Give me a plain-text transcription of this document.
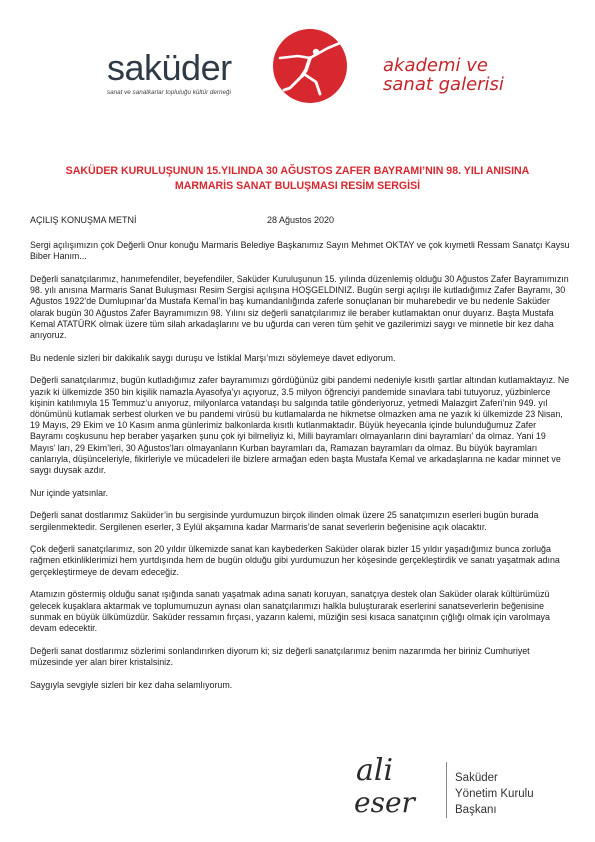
saküder
sanat ve sanatkarlar topluluğu kültür derneği
akademi ve
sanat galerisi
SAKÜDER KURULUŞUNUN 15.YILINDA 30 AĞUSTOS ZAFER BAYRAMI’NIN 98. YILI ANISINA
MARMARİS SANAT BULUŞMASI RESİM SERGİSİ
AÇILIŞ KONUŞMA METNİ	28 Ağustos 2020

Sergi açılışımızın çok Değerli Onur konuğu Marmaris Belediye Başkanımız Sayın Mehmet OKTAY ve çok kıymetli Ressam Sanatçı Kaysu Biber Hanım...

Değerli sanatçılarımız, hanımefendiler, beyefendiler, Saküder Kuruluşunun 15. yılında düzenlemiş olduğu 30 Ağustos Zafer Bayramımızın 98. yılı anısına Marmaris Sanat Buluşması Resim Sergisi açılışına HOŞGELDINIZ. Bugün sergi açılışı ile kutladığımız Zafer Bayramı, 30 Ağustos 1922’de Dumlupınar’da Mustafa Kemal’in baş kumandanlığında zaferle sonuçlanan bir muharebedir ve bu nedenle Saküder olarak bugün 30 Ağustos Zafer Bayramımızın 98. Yılını siz değerli sanatçılarımız ile beraber kutlamaktan onur duyarız. Başta Mustafa Kemal ATATÜRK olmak üzere tüm silah arkadaşlarını ve bu uğurda can veren tüm şehit ve gazilerimizi saygı ve minnetle bir kez daha anıyoruz.

Bu nedenle sizleri bir dakikalık saygı duruşu ve İstiklal Marşı’mızı söylemeye davet ediyorum.

Değerli sanatçılarımız, bugün kutladığımız zafer bayramımızı gördüğünüz gibi pandemi nedeniyle kısıtlı şartlar altından kutlamaktayız. Ne yazık ki ülkemizde 350 bin kişilik namazla Ayasofya’yı açıyoruz, 3.5 milyon öğrenciyi pandemide sınavlara tabi tutuyoruz, yüzbinlerce kişinin katılımıyla 15 Temmuz’u anıyoruz, milyonlarca vatandaşı bu salgında tatile gönderiyoruz, yetmedi Malazgirt Zaferi’nin 949. yıl dönümünü kutlamak serbest olurken ve bu pandemi virüsü bu kutlamalarda ne hikmetse olmazken ama ne yazık ki ülkemizde 23 Nisan, 19 Mayıs, 29 Ekim ve 10 Kasım anma günlerimiz balkonlarda kısıtlı kutlanmaktadır. Büyük heyecanla içinde bulunduğumuz Zafer Bayramı coşkusunu hep beraber yaşarken şunu çok iyi bilmeliyiz ki, Milli bayramları olmayanların dini bayramları’ da olmaz. Yani 19 Mayıs’ ları, 29 Ekim’leri, 30 Ağustos’ları olmayanların Kurban bayramları da, Ramazan bayramları da olmaz. Bu büyük bayramları canlarıyla, düşünceleriyle, fikirleriyle ve mücadeleri ile bizlere armağan eden başta Mustafa Kemal ve arkadaşlarına ne kadar minnet ve saygı duysak azdır.

Nur içinde yatsınlar.

Değerli sanat dostlarımız Saküder’in bu sergisinde yurdumuzun birçok ilinden olmak üzere 25 sanatçımızın eserleri bugün burada sergilenmektedir. Sergilenen eserler, 3 Eylül akşamına kadar Marmaris’de sanat severlerin beğenisine açık olacaktır.

Çok değerli sanatçılarımız, son 20 yıldır ülkemizde sanat kan kaybederken Saküder olarak bizler 15 yıldır yaşadığımız bunca zorluğa rağmen etkinliklerimizi hem yurtdışında hem de bugün olduğu gibi yurdumuzun her köşesinde gerçekleştirdik ve sanatı yaşatmak adına gerçekleştirmeye de devam edeceğiz.

Atamızın göstermiş olduğu sanat ışığında sanatı yaşatmak adına sanatı koruyan, sanatçıya destek olan Saküder olarak kültürümüzü gelecek kuşaklara aktarmak ve toplumumuzun aynası olan sanatçılarımızı halkla buluşturarak eserlerini sanatseverlerin beğenisine sunmak en büyük ülkümüzdür. Saküder ressamın fırçası, yazarın kalemi, müziğin sesi kısaca sanatçının çığlığı olmak için varolmaya devam edecektir.

Değerli sanat dostlarımız sözlerimi sonlandırırken diyorum ki; siz değerli sanatçılarımız benim nazarımda her biriniz Cumhuriyet müzesinde yer alan birer kristalsiniz.

Saygıyla sevgiyle sizleri bir kez daha selamlıyorum.

ali
eser
Saküder
Yönetim Kurulu
Başkanı
